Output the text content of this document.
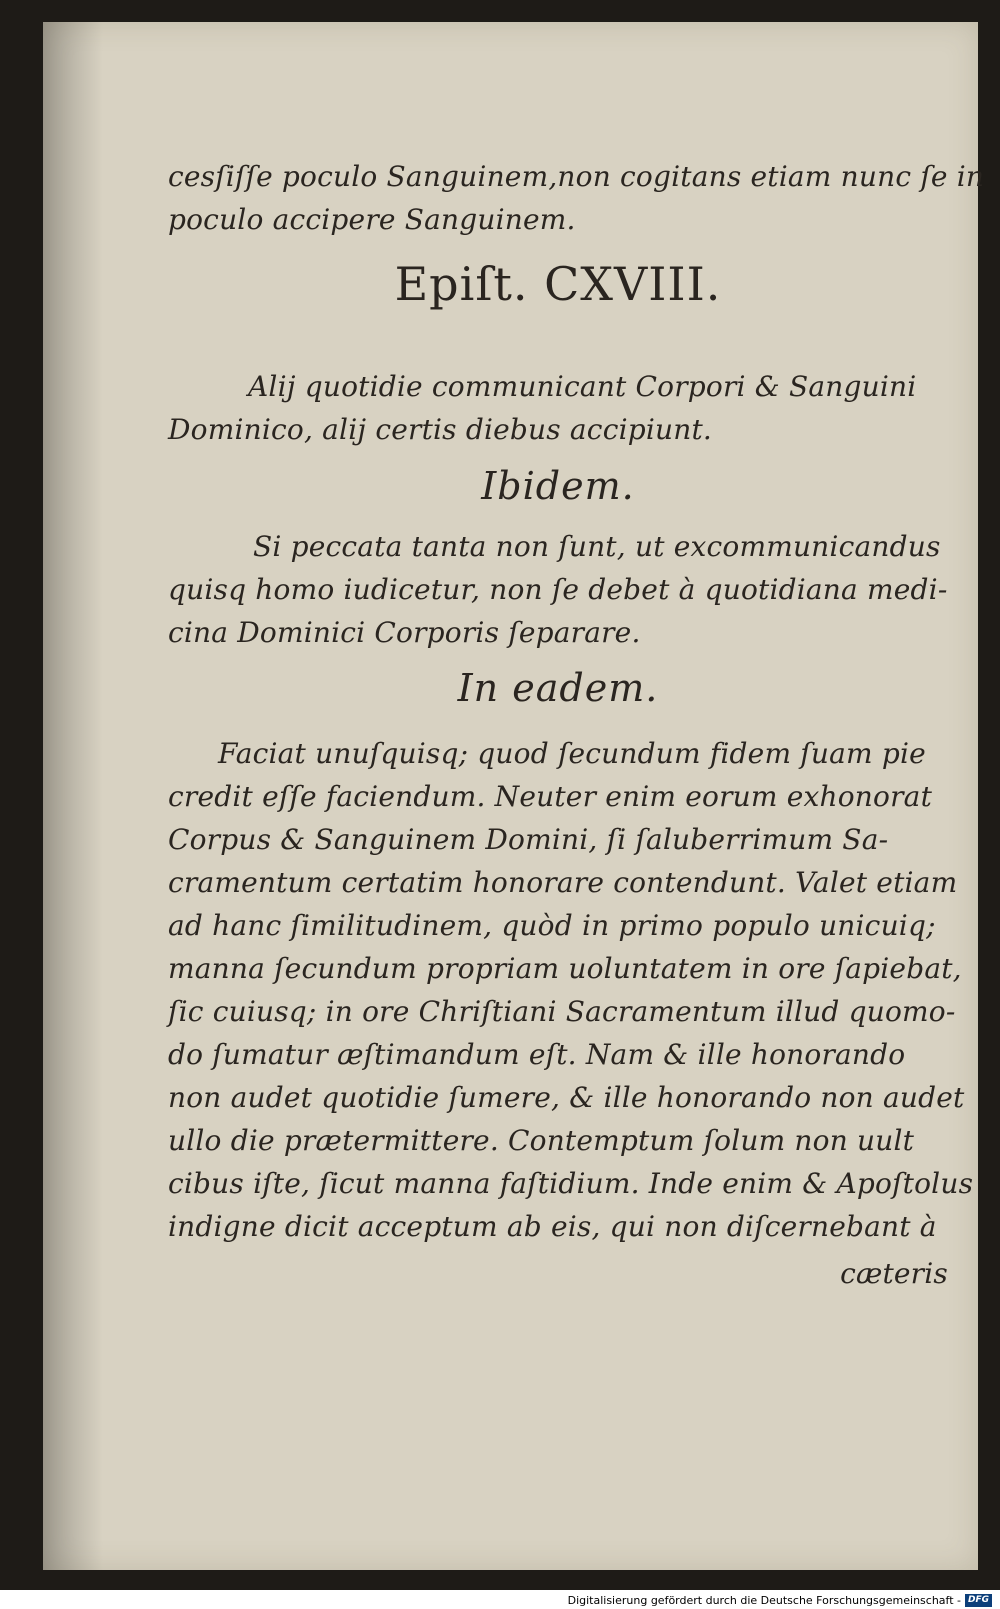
cesſiſſe poculo Sanguinem,non cogitans etiam nunc ſe in
poculo accipere Sanguinem.
Epiſt. CXVIII.
Alij quotidie communicant Corpori & Sanguini
Dominico, alij certis diebus accipiunt.
Ibidem.
Si peccata tanta non ſunt, ut excommunicandus
quisq homo iudicetur, non ſe debet à quotidiana medi-
cina Dominici Corporis ſeparare.
In eadem.
Faciat unuſquisq; quod ſecundum fidem ſuam pie
credit eſſe faciendum. Neuter enim eorum exhonorat
Corpus & Sanguinem Domini, ſi ſaluberrimum Sa-
cramentum certatim honorare contendunt. Valet etiam
ad hanc ſimilitudinem, quòd in primo populo unicuiq;
manna ſecundum propriam uoluntatem in ore ſapiebat,
ſic cuiusq; in ore Chriſtiani Sacramentum illud quomo-
do ſumatur æſtimandum eſt. Nam & ille honorando
non audet quotidie ſumere, & ille honorando non audet
ullo die prætermittere. Contemptum ſolum non uult
cibus iſte, ſicut manna faſtidium. Inde enim & Apoſtolus
indigne dicit acceptum ab eis, qui non diſcernebant à
cæteris
Digitalisierung gefördert durch die Deutsche Forschungsgemeinschaft - DFG
